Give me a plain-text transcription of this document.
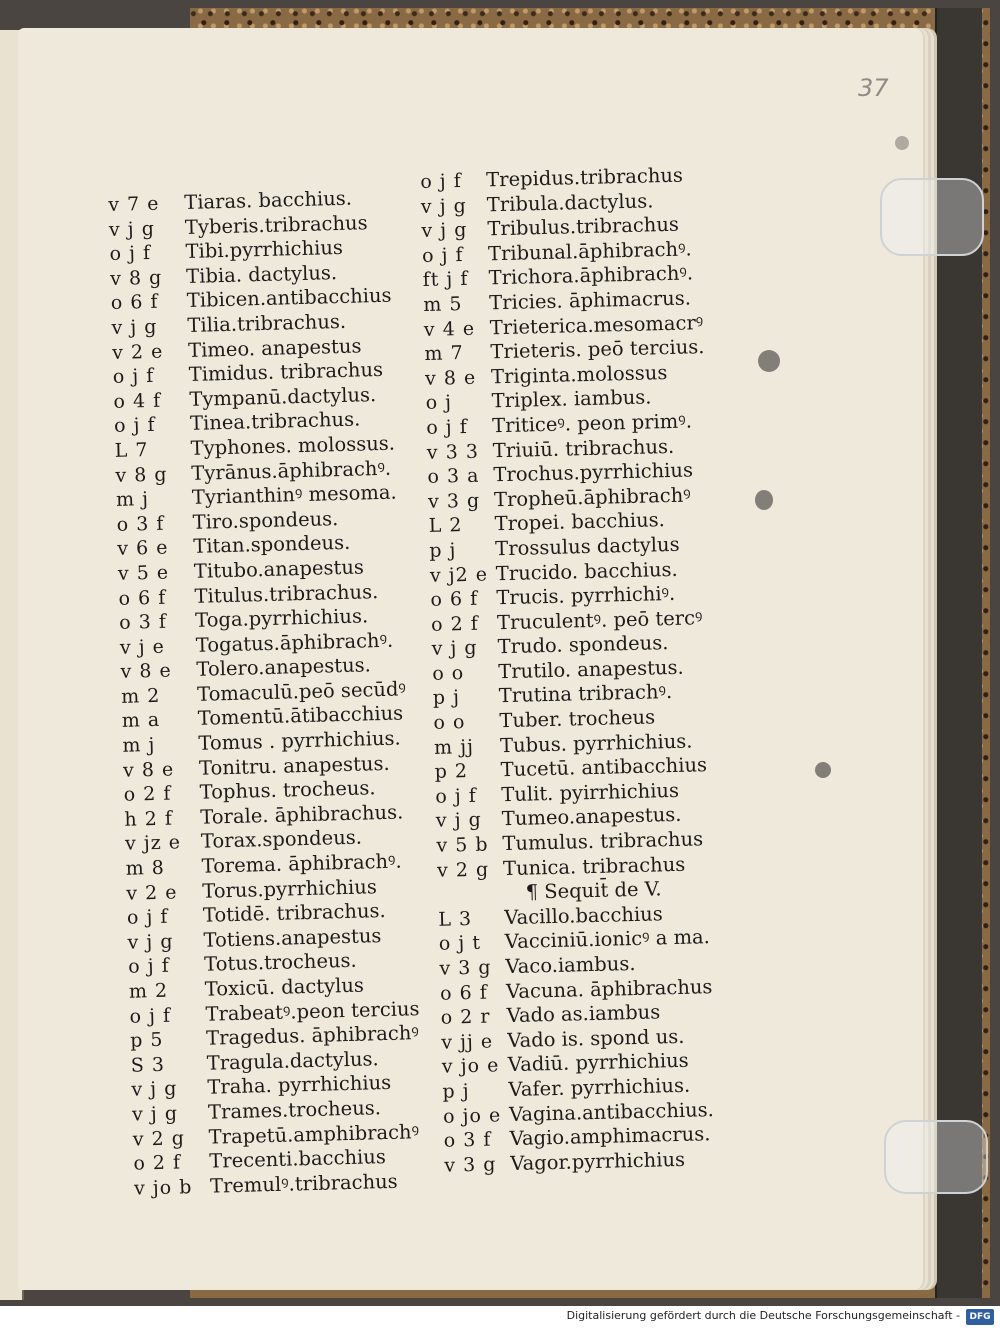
37
v 7 e	Tiaras. bacchius.
v j g	Tyberis.tribrachus
o j f	Tibi.pyrrhichius
v 8 g	Tibia. dactylus.
o 6 f	Tibicen.antibacchius
v j g	Tilia.tribrachus.
v 2 e	Timeo. anapestus
o j f	Timidus. tribrachus
o 4 f	Tympanū.dactylus.
o j f	Tinea.tribrachus.
L 7	Typhones. molossus.
v 8 g	Tyrānus.āphibrachꝰ.
m j	Tyrianthinꝰ mesoma.
o 3 f	Tiro.spondeus.
v 6 e	Titan.spondeus.
v 5 e	Titubo.anapestus
o 6 f	Titulus.tribrachus.
o 3 f	Toga.pyrrhichius.
v j e	Togatus.āphibrachꝰ.
v 8 e	Tolero.anapestus.
m 2	Tomaculū.peō secūdꝰ
m a	Tomentū.ātibacchius
m j	Tomus . pyrrhichius.
v 8 e	Tonitru. anapestus.
o 2 f	Tophus. trocheus.
h 2 f	Torale. āphibrachus.
v jz e Torax.spondeus.
m 8	Torema. āphibrachꝰ.
v 2 e	Torus.pyrrhichius
o j f	Totidē. tribrachus.
v j g	Totiens.anapestus
o j f	Totus.trocheus.
m 2	Toxicū. dactylus
o j f	Trabeatꝰ.peon tercius
p 5	Tragedus. āphibrachꝰ
S 3	Tragula.dactylus.
v j g	Traha. pyrrhichius
v j g	Trames.trocheus.
v 2 g	Trapetū.amphibrachꝰ
o 2 f	Trecenti.bacchius
v jo b Tremulꝰ.tribrachus
o j f	Trepidus.tribrachus
v j g	Tribula.dactylus.
v j g	Tribulus.tribrachus
o j f	Tribunal.āphibrachꝰ.
ft j f	Trichora.āphibrachꝰ.
m 5	Tricies. āphimacrus.
v 4 e Trieterica.mesomacrꝰ
m 7	Trieteris. peō tercius.
v 8 e Triginta.molossus
o j	Triplex. iambus.
o j f	Triticeꝰ. peon primꝰ.
v 3 3 Triuiū. tribrachus.
o 3 a Trochus.pyrrhichius
v 3 g Tropheū.āphibrachꝰ
L 2	Tropei. bacchius.
p j	Trossulus dactylus
v j2 e Trucido. bacchius.
o 6 f Trucis. pyrrhichiꝰ.
o 2 f Truculentꝰ. peō tercꝰ
v j g	Trudo. spondeus.
o o	Trutilo. anapestus.
p j	Trutina tribrachꝰ.
o o	Tuber. trocheus
m jj	Tubus. pyrrhichius.
p 2	Tucetū. antibacchius
o j f	Tulit. pyirrhichius
v j g	Tumeo.anapestus.
v 5 b Tumulus. tribrachus
v 2 g Tunica. tribrachus
¶ Sequit̄ de V.
L 3	Vacillo.bacchius
o j t	Vacciniū.ionicꝰ a ma.
v 3 g Vaco.iambus.
o 6 f Vacuna. āphibrachus
o 2 r Vado as.iambus
v jj e Vado is. spond us.
v jo e Vadiū. pyrrhichius
p j	Vafer. pyrrhichius.
o jo e Vagina.antibacchius.
o 3 f Vagio.amphimacrus.
v 3 g Vagor.pyrrhichius
Digitalisierung gefördert durch die Deutsche Forschungsgemeinschaft -	DFG
